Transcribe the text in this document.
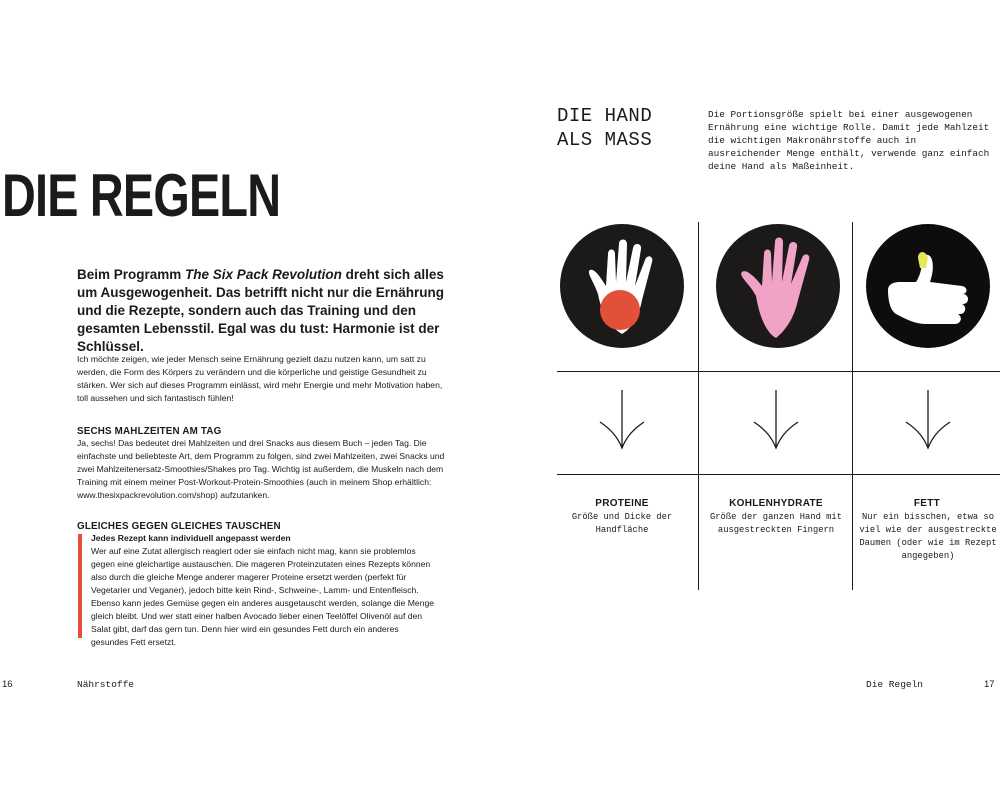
DIE REGELN
Beim Programm The Six Pack Revolution dreht sich alles um Ausgewogenheit. Das betrifft nicht nur die Ernährung und die Rezepte, sondern auch das Training und den gesamten Lebensstil. Egal was du tust: Harmonie ist der Schlüssel.
Ich möchte zeigen, wie jeder Mensch seine Ernährung gezielt dazu nutzen kann, um satt zu werden, die Form des Körpers zu verändern und die körperliche und geistige Gesundheit zu stärken. Wer sich auf dieses Programm einlässt, wird mehr Energie und mehr Motivation haben, toll aussehen und sich fantastisch fühlen!
SECHS MAHLZEITEN AM TAG
Ja, sechs! Das bedeutet drei Mahlzeiten und drei Snacks aus diesem Buch – jeden Tag. Die einfachste und beliebteste Art, dem Programm zu folgen, sind zwei Mahlzeiten, zwei Snacks und zwei Mahlzeitenersatz-Smoothies/Shakes pro Tag. Wichtig ist außerdem, die Muskeln nach dem Training mit einem meiner Post-Workout-Protein-Smoothies (auch in meinem Shop erhältlich: www.thesixpackrevolution.com/shop) aufzutanken.
GLEICHES GEGEN GLEICHES TAUSCHEN
Jedes Rezept kann individuell angepasst werden
Wer auf eine Zutat allergisch reagiert oder sie einfach nicht mag, kann sie problemlos gegen eine gleichartige austauschen. Die mageren Proteinzutaten eines Rezepts können also durch die gleiche Menge anderer magerer Proteine ersetzt werden (perfekt für Vegetarier und Veganer), jedoch bitte kein Rind-, Schweine-, Lamm- und Entenfleisch. Ebenso kann jedes Gemüse gegen ein anderes ausgetauscht werden, solange die Menge gleich bleibt. Und wer statt einer halben Avocado lieber einen Teelöffel Olivenöl auf den Salat gibt, darf das gern tun. Denn hier wird ein gesundes Fett durch ein anderes gesundes Fett ersetzt.
DIE HAND
ALS MASS
Die Portionsgröße spielt bei einer ausgewogenen Ernährung eine wichtige Rolle. Damit jede Mahlzeit die wichtigen Makronährstoffe auch in ausreichender Menge enthält, verwende ganz einfach deine Hand als Maßeinheit.
PROTEINE
Größe und Dicke der Handfläche
KOHLENHYDRATE
Größe der ganzen Hand mit ausgestreckten Fingern
FETT
Nur ein bisschen, etwa so viel wie der ausgestreckte Daumen (oder wie im Rezept angegeben)
16	Nährstoffe	Die Regeln	17
